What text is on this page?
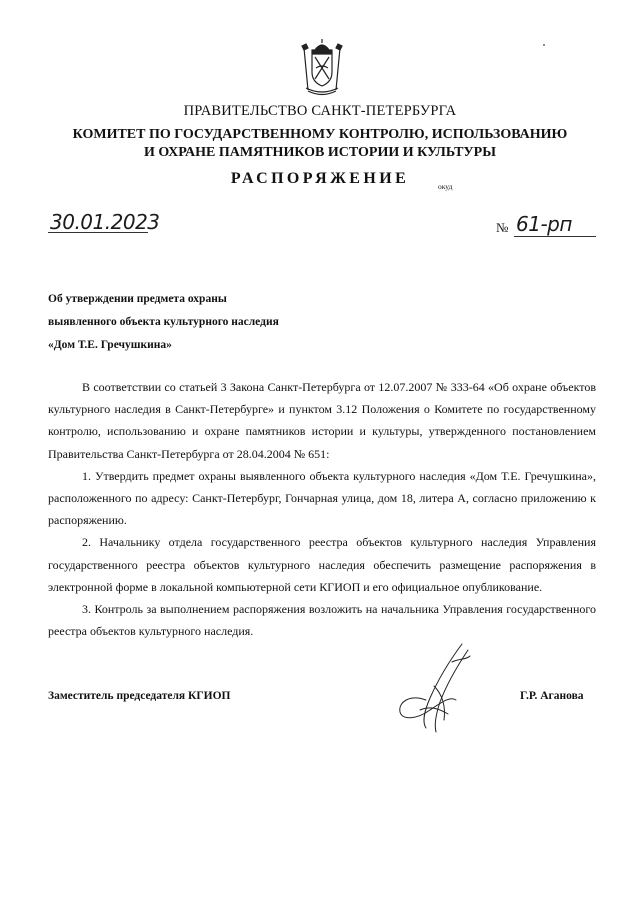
ПРАВИТЕЛЬСТВО САНКТ-ПЕТЕРБУРГА
КОМИТЕТ ПО ГОСУДАРСТВЕННОМУ КОНТРОЛЮ, ИСПОЛЬЗОВАНИЮ
И ОХРАНЕ ПАМЯТНИКОВ ИСТОРИИ И КУЛЬТУРЫ
РАСПОРЯЖЕНИЕ	окуд
30.01.2023	№ 61-рп
Об утверждении предмета охраны
выявленного объекта культурного наследия
«Дом Т.Е. Гречушкина»

В соответствии со статьей 3 Закона Санкт-Петербурга от 12.07.2007 № 333-64 «Об охране объектов культурного наследия в Санкт-Петербурге» и пунктом 3.12 Положения о Комитете по государственному контролю, использованию и охране памятников истории и культуры, утвержденного постановлением Правительства Санкт-Петербурга от 28.04.2004 № 651:

1. Утвердить предмет охраны выявленного объекта культурного наследия «Дом Т.Е. Гречушкина», расположенного по адресу: Санкт-Петербург, Гончарная улица, дом 18, литера А, согласно приложению к распоряжению.

2. Начальнику отдела государственного реестра объектов культурного наследия Управления государственного реестра объектов культурного наследия обеспечить размещение распоряжения в электронной форме в локальной компьютерной сети КГИОП и его официальное опубликование.

3. Контроль за выполнением распоряжения возложить на начальника Управления государственного реестра объектов культурного наследия.

Заместитель председателя КГИОП	Г.Р. Аганова
